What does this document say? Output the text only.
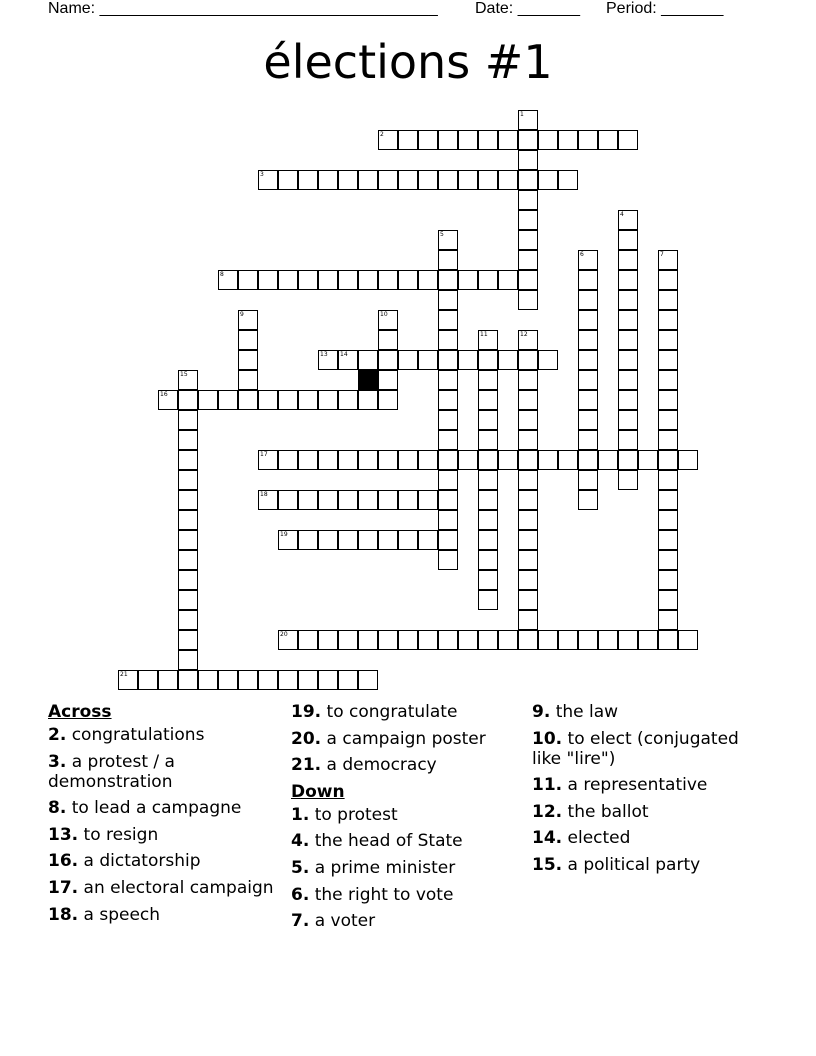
Name: ______________________________________ Date: _______ Period: _______
élections #1
2
3
8
13 14
16
17
18
19
20
21
1
4
5
6	7
9	10
11	12
15
Across
2. congratulations
3. a protest / a demonstration
8. to lead a campagne
13. to resign
16. a dictatorship
17. an electoral campaign
18. a speech
19. to congratulate
20. a campaign poster
21. a democracy
Down
1. to protest
4. the head of State
5. a prime minister
6. the right to vote
7. a voter
9. the law
10. to elect (conjugated like "lire")
11. a representative
12. the ballot
14. elected
15. a political party
